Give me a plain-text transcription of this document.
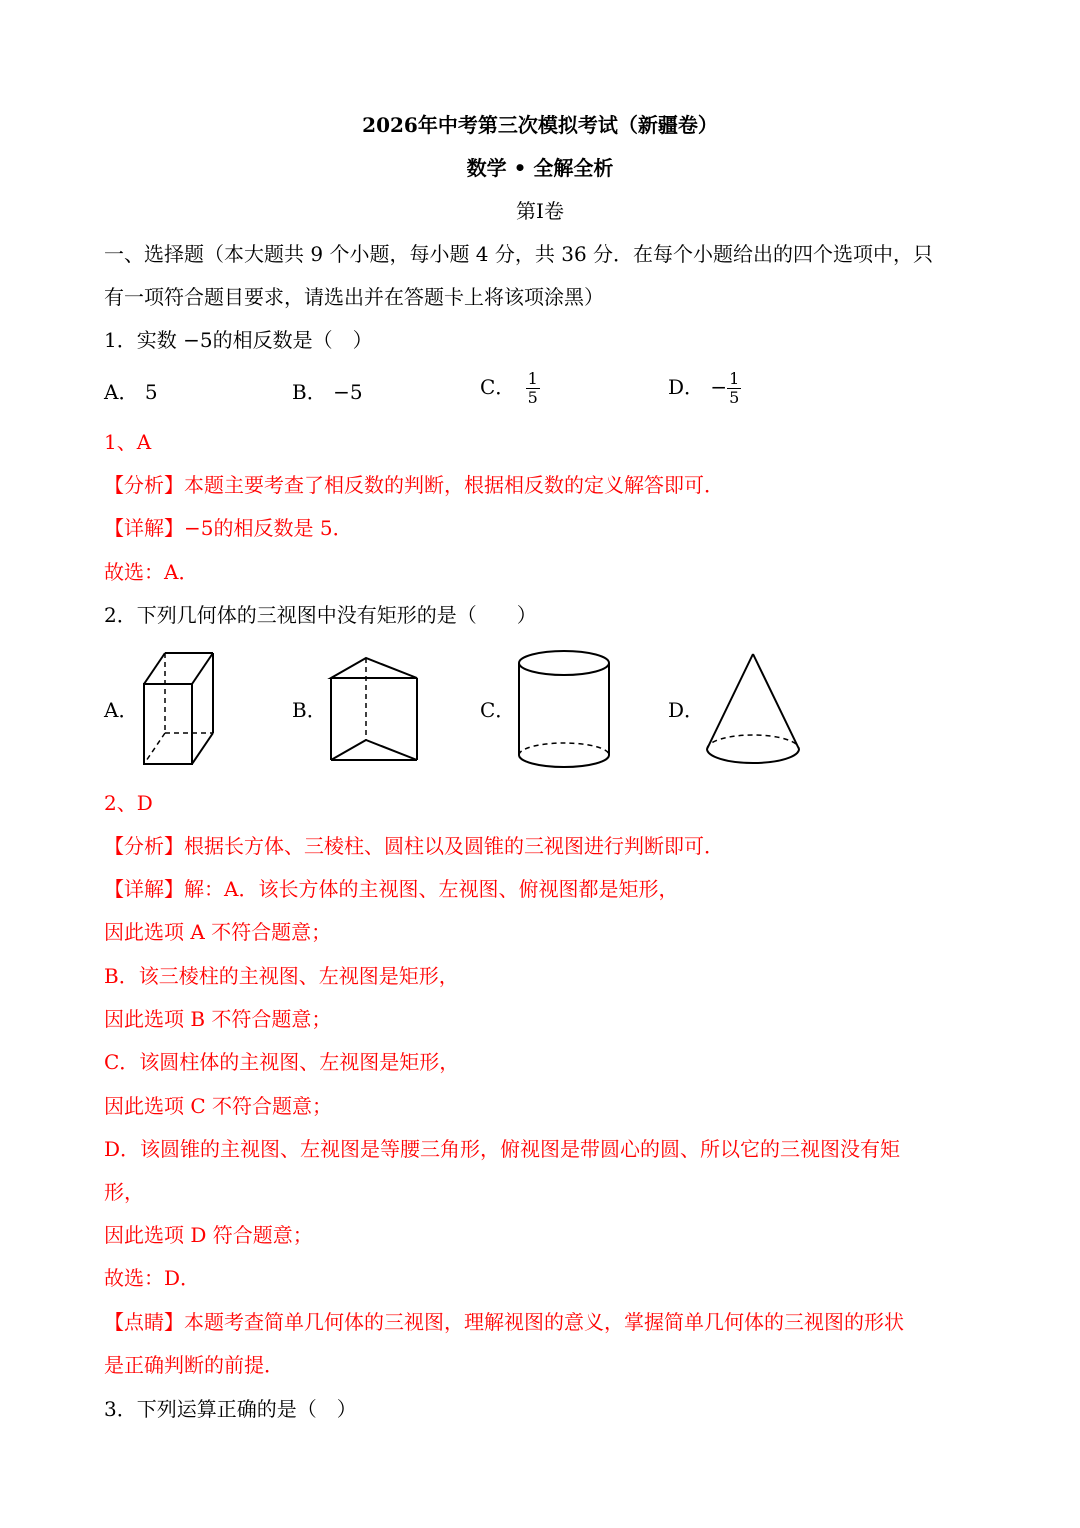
2026年中考第三次模拟考试（新疆卷）
数学 • 全解全析
第Ⅰ卷
一、选择题（本大题共 9 个小题，每小题 4 分，共 36 分．在每个小题给出的四个选项中，只
有一项符合题目要求，请选出并在答题卡上将该项涂黑）
1．实数 −5的相反数是（　）
A． 5	B． −5	C． $\frac{1}{5}$	D． − $\frac{1}{5}$
1、A
【分析】本题主要考查了相反数的判断，根据相反数的定义解答即可．
【详解】−5的相反数是 5．
故选：A．
2．下列几何体的三视图中没有矩形的是（　　）
A．	B．	C．	D．
2、D
【分析】根据长方体、三棱柱、圆柱以及圆锥的三视图进行判断即可．
【详解】解：A．该长方体的主视图、左视图、俯视图都是矩形，
因此选项 A 不符合题意；
B．该三棱柱的主视图、左视图是矩形，
因此选项 B 不符合题意；
C．该圆柱体的主视图、左视图是矩形，
因此选项 C 不符合题意；
D．该圆锥的主视图、左视图是等腰三角形，俯视图是带圆心的圆、所以它的三视图没有矩
形，
因此选项 D 符合题意；
故选：D．
【点睛】本题考查简单几何体的三视图，理解视图的意义，掌握简单几何体的三视图的形状
是正确判断的前提．
3．下列运算正确的是（　）
